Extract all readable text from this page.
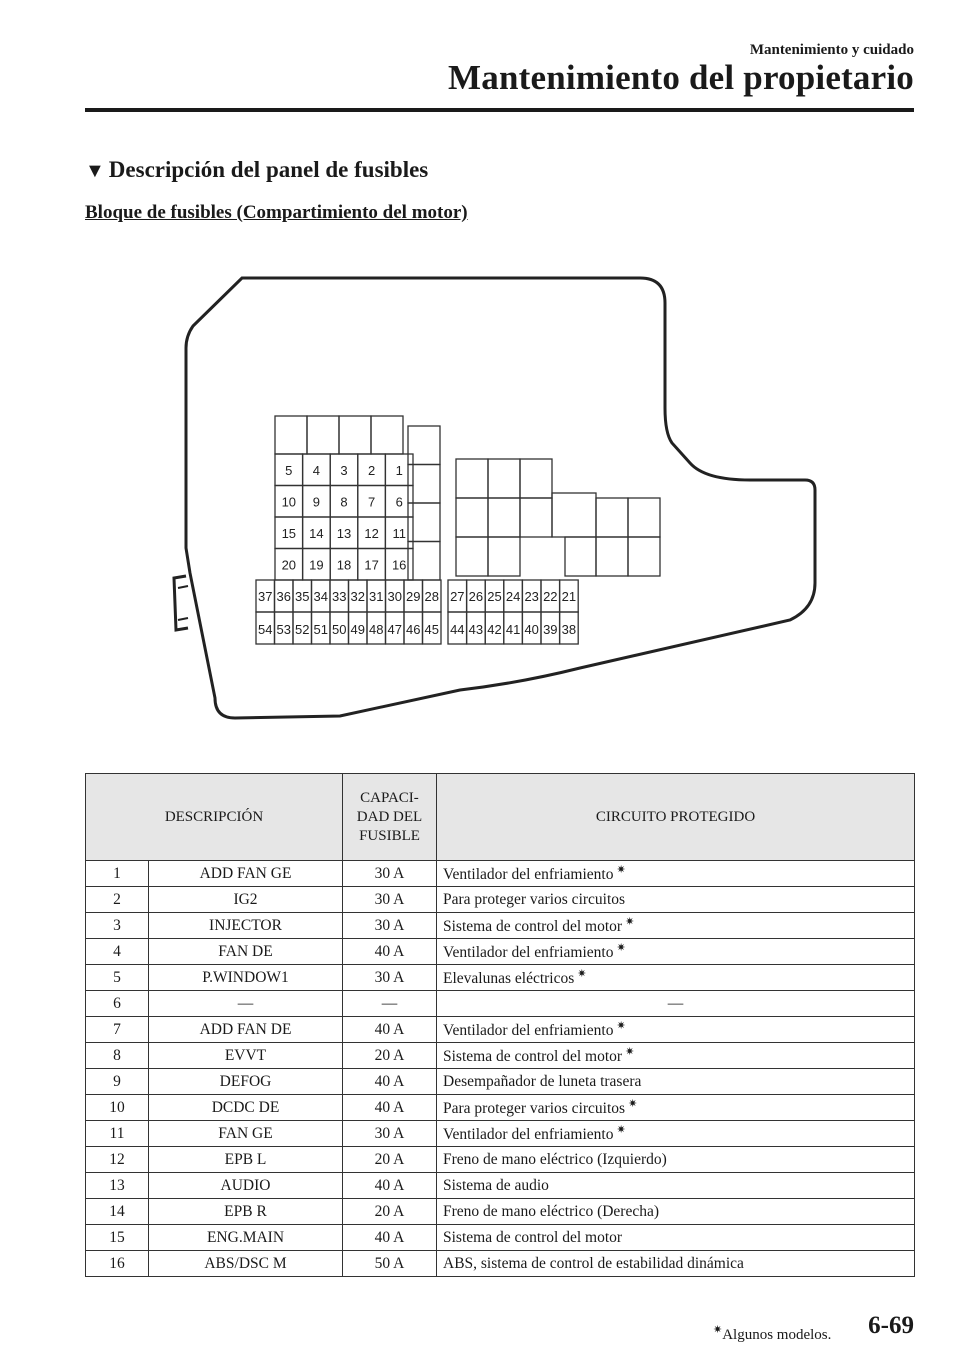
Mantenimiento y cuidado
Mantenimiento del propietario
▼ Descripción del panel de fusibles
Bloque de fusibles (Compartimiento del motor)
5 4 3 2 1
10 9 8 7 6
15 14 13 12 11
20 19 18 17 16
37 36 35 34 33 32 31 30 29 28
54 53 52 51 50 49 48 47 46 45
27 26 25 24 23 22 21
44 43 42 41 40 39 38
DESCRIPCIÓN		CAPACI-
DAD DEL
FUSIBLE	CIRCUITO PROTEGIDO
1	ADD FAN GE	30 A	Ventilador del enfriamiento ✷
2	IG2	30 A	Para proteger varios circuitos
3	INJECTOR	30 A	Sistema de control del motor ✷
4	FAN DE	40 A	Ventilador del enfriamiento ✷
5	P.WINDOW1	30 A	Elevalunas eléctricos ✷
6	—	—	—
7	ADD FAN DE	40 A	Ventilador del enfriamiento ✷
8	EVVT	20 A	Sistema de control del motor ✷
9	DEFOG	40 A	Desempañador de luneta trasera
10	DCDC DE	40 A	Para proteger varios circuitos ✷
11	FAN GE	30 A	Ventilador del enfriamiento ✷
12	EPB L	20 A	Freno de mano eléctrico (Izquierdo)
13	AUDIO	40 A	Sistema de audio
14	EPB R	20 A	Freno de mano eléctrico (Derecha)
15	ENG.MAIN	40 A	Sistema de control del motor
16	ABS/DSC M	50 A	ABS, sistema de control de estabilidad dinámica
✷Algunos modelos. 6-69
